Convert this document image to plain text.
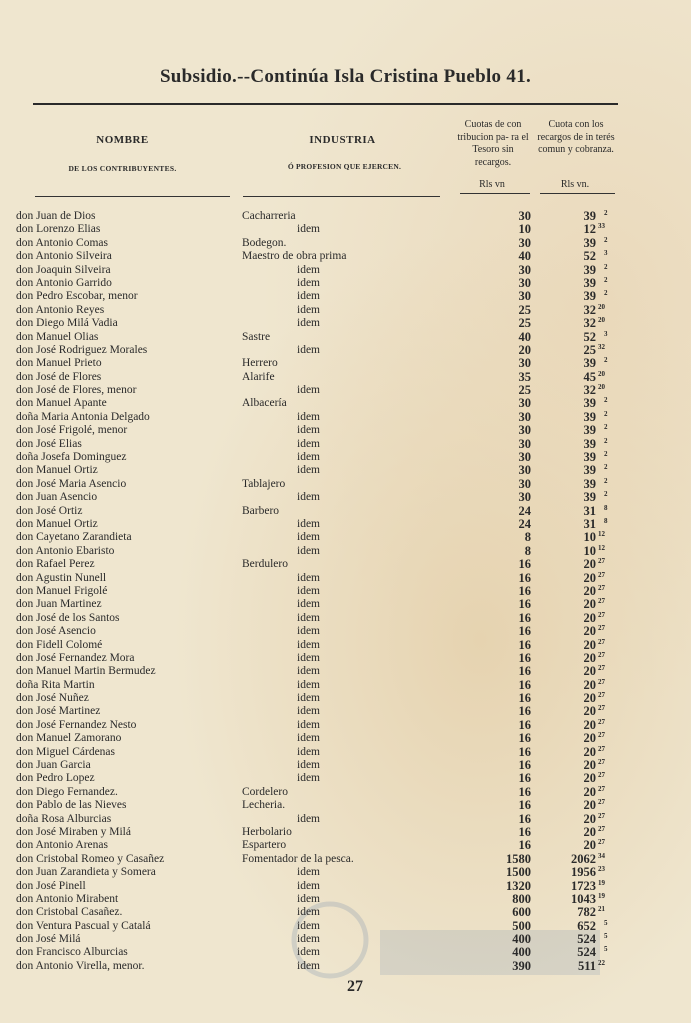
Subsidio.--Continúa Isla Cristina Pueblo 41.
NOMBRE
DE LOS CONTRIBUYENTES.
INDUSTRIA
Ó PROFESION QUE EJERCEN.
Cuotas de con tribucion pa- ra el Tesoro sin recargos.
Cuota con los recargos de in terés comun y cobranza.
Rls vn	Rls vn.
don Juan de Dios	Cacharreria	30	39 2
don Lorenzo Elias	idem	10	12 33
don Antonio Comas	Bodegon.	30	39 2
don Antonio Silveira	Maestro de obra prima	40	52 3
don Joaquin Silveira	idem	30	39 2
don Antonio Garrido	idem	30	39 2
don Pedro Escobar, menor	idem	30	39 2
don Antonio Reyes	idem	25	32 20
don Diego Milá Vadia	idem	25	32 20
don Manuel Olias	Sastre	40	52 3
don José Rodriguez Morales	idem	20	25 32
don Manuel Prieto	Herrero	30	39 2
don José de Flores	Alarife	35	45 20
don José de Flores, menor	idem	25	32 20
don Manuel Apante	Albacería	30	39 2
doña Maria Antonia Delgado	idem	30	39 2
don José Frigolé, menor	idem	30	39 2
don José Elias	idem	30	39 2
doña Josefa Dominguez	idem	30	39 2
don Manuel Ortiz	idem	30	39 2
don José Maria Asencio	Tablajero	30	39 2
don Juan Asencio	idem	30	39 2
don José Ortiz	Barbero	24	31 8
don Manuel Ortiz	idem	24	31 8
don Cayetano Zarandieta	idem	8	10 12
don Antonio Ebaristo	idem	8	10 12
don Rafael Perez	Berdulero	16	20 27
don Agustin Nunell	idem	16	20 27
don Manuel Frigolé	idem	16	20 27
don Juan Martinez	idem	16	20 27
don José de los Santos	idem	16	20 27
don José Asencio	idem	16	20 27
don Fidell Colomé	idem	16	20 27
don José Fernandez Mora	idem	16	20 27
don Manuel Martin Bermudez	idem	16	20 27
doña Rita Martin	idem	16	20 27
don José Nuñez	idem	16	20 27
don José Martinez	idem	16	20 27
don José Fernandez Nesto	idem	16	20 27
don Manuel Zamorano	idem	16	20 27
don Miguel Cárdenas	idem	16	20 27
don Juan Garcia	idem	16	20 27
don Pedro Lopez	idem	16	20 27
don Diego Fernandez.	Cordelero	16	20 27
don Pablo de las Nieves	Lecheria.	16	20 27
doña Rosa Alburcias	idem	16	20 27
don José Miraben y Milá	Herbolario	16	20 27
don Antonio Arenas	Espartero	16	20 27
don Cristobal Romeo y Casañez	Fomentador de la pesca.	1580	2062 34
don Juan Zarandieta y Somera	idem	1500	1956 23
don José Pinell	idem	1320	1723 19
don Antonio Mirabent	idem	800	1043 19
don Cristobal Casañez.	idem	600	782 21
don Ventura Pascual y Catalá	idem	500	652 5
don José Milá	idem	400	524 5
don Francisco Alburcias	idem	400	524 5
don Antonio Virella, menor.	idem	390	511 22
27
